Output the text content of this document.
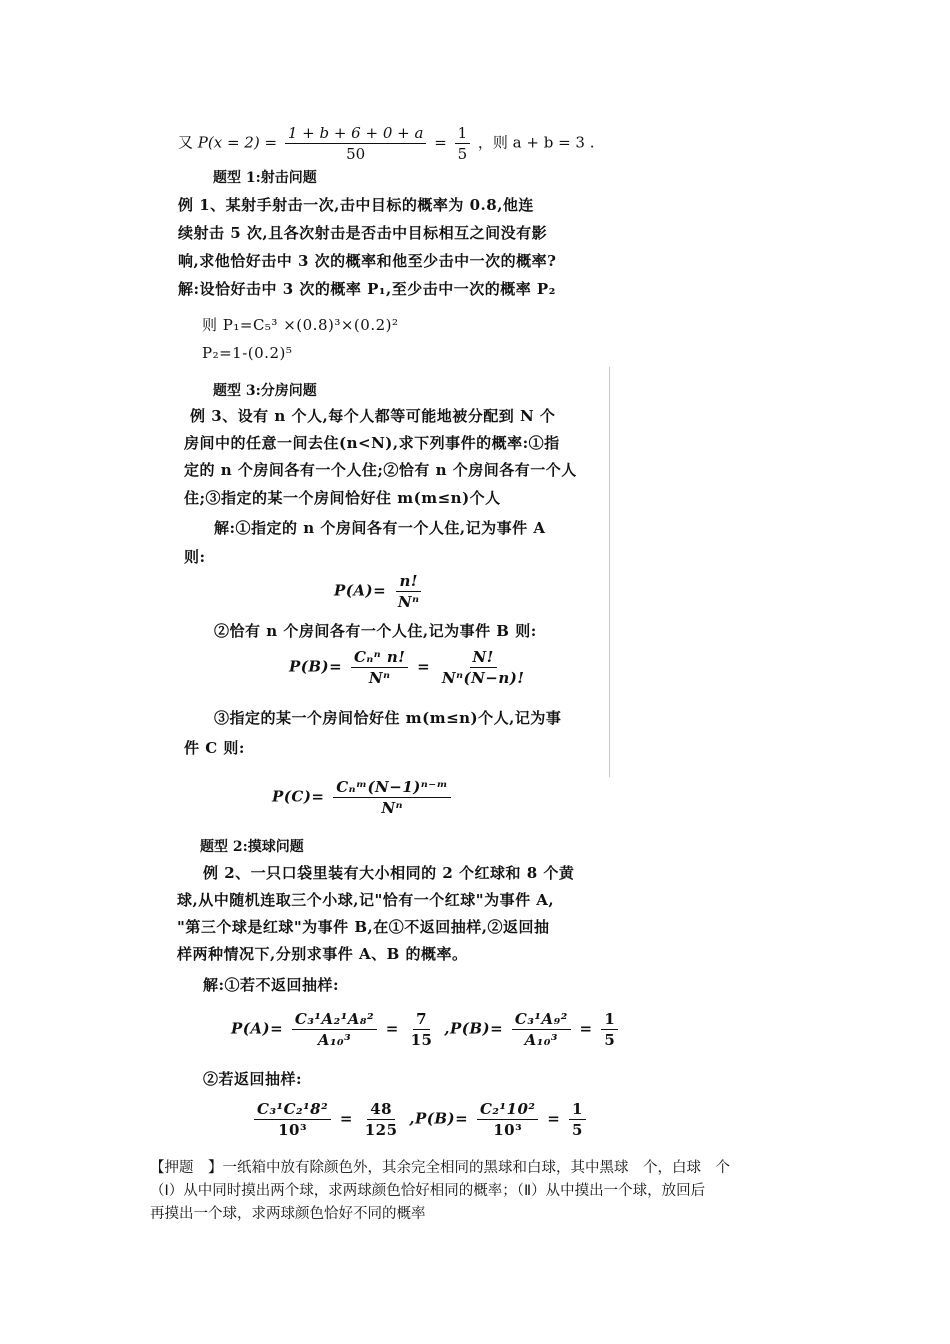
又 $P(x = 2) = \frac{1 + b + 6 + 0 + a}{50} = \frac{1}{5}$ ，则 a + b = 3 .
题型 1:射击问题
例 1、某射手射击一次,击中目标的概率为 0.8,他连
续射击 5 次,且各次射击是否击中目标相互之间没有影
响,求他恰好击中 3 次的概率和他至少击中一次的概率?
解:设恰好击中 3 次的概率 P₁,至少击中一次的概率 P₂
则 P₁=C₅³ ×(0.8)³×(0.2)²
P₂=1-(0.2)⁵
题型 3:分房问题
例 3、设有 n 个人,每个人都等可能地被分配到 N 个
房间中的任意一间去住(n<N),求下列事件的概率:①指
定的 n 个房间各有一个人住;②恰有 n 个房间各有一个人
住;③指定的某一个房间恰好住 m(m≤n)个人
解:①指定的 n 个房间各有一个人住,记为事件 A
则:
$P(A)= \frac{n!}{\text{Nⁿ}}$
②恰有 n 个房间各有一个人住,记为事件 B 则:
$P(B)= \frac{\text{Cₙⁿ n!}}{\text{Nⁿ}} = \frac{N!}{\text{Nⁿ(N−n)!}}$
③指定的某一个房间恰好住 m(m≤n)个人,记为事
件 C 则:
$P(C)= \frac{\text{Cₙᵐ(N−1)ⁿ⁻ᵐ}}{\text{Nⁿ}}$
题型 2:摸球问题
例 2、一只口袋里装有大小相同的 2 个红球和 8 个黄
球,从中随机连取三个小球,记"恰有一个红球"为事件 A,
"第三个球是红球"为事件 B,在①不返回抽样,②返回抽
样两种情况下,分别求事件 A、B 的概率。
解:①若不返回抽样:
$P(A)= \frac{\text{C₃¹A₂¹A₈²}}{\text{A₁₀³}} = \frac{7}{15} ,P(B)= \frac{\text{C₃¹A₉²}}{\text{A₁₀³}} = \frac{1}{5}$
②若返回抽样:
$\frac{\text{C₃¹C₂¹8²}}{\text{10³}} = \frac{48}{125} ,P(B)= \frac{\text{C₂¹10²}}{\text{10³}} = \frac{1}{5}$
【押题　】一纸箱中放有除颜色外，其余完全相同的黑球和白球，其中黑球　个，白球　个
（Ⅰ）从中同时摸出两个球，求两球颜色恰好相同的概率；（Ⅱ）从中摸出一个球，放回后
再摸出一个球，求两球颜色恰好不同的概率
